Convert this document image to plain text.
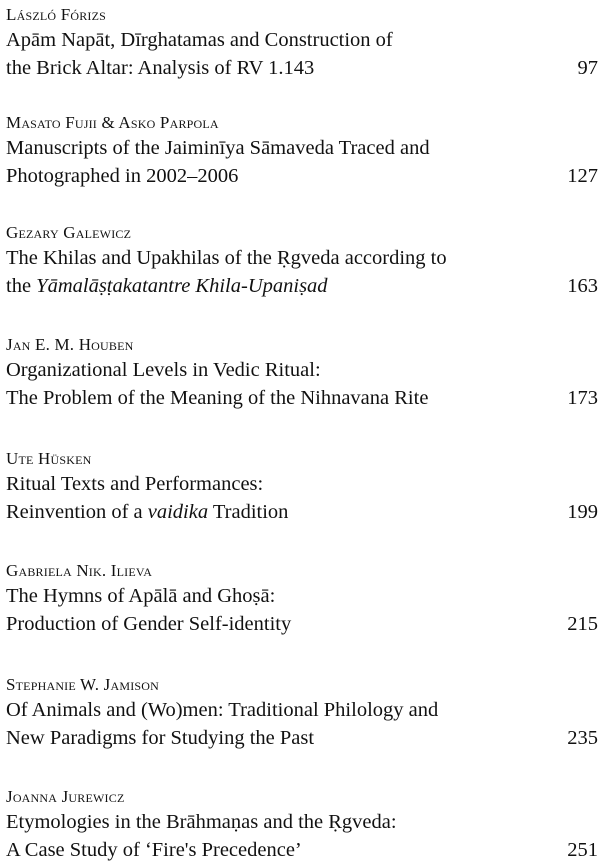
László Fórizs
Apām Napāt, Dīrghatamas and Construction of
the Brick Altar: Analysis of RV 1.143	97
Masato Fujii & Asko Parpola
Manuscripts of the Jaiminīya Sāmaveda Traced and
Photographed in 2002–2006	127
Gezary Galewicz
The Khilas and Upakhilas of the Ṛgveda according to
the Yāmalāṣṭakatantre Khila-Upaniṣad	163
Jan E. M. Houben
Organizational Levels in Vedic Ritual:
The Problem of the Meaning of the Nihnavana Rite	173
Ute Hüsken
Ritual Texts and Performances:
Reinvention of a vaidika Tradition	199
Gabriela Nik. Ilieva
The Hymns of Apālā and Ghoṣā:
Production of Gender Self-identity	215
Stephanie W. Jamison
Of Animals and (Wo)men: Traditional Philology and
New Paradigms for Studying the Past	235
Joanna Jurewicz
Etymologies in the Brāhmaṇas and the Ṛgveda:
A Case Study of ‘Fire's Precedence’	251
